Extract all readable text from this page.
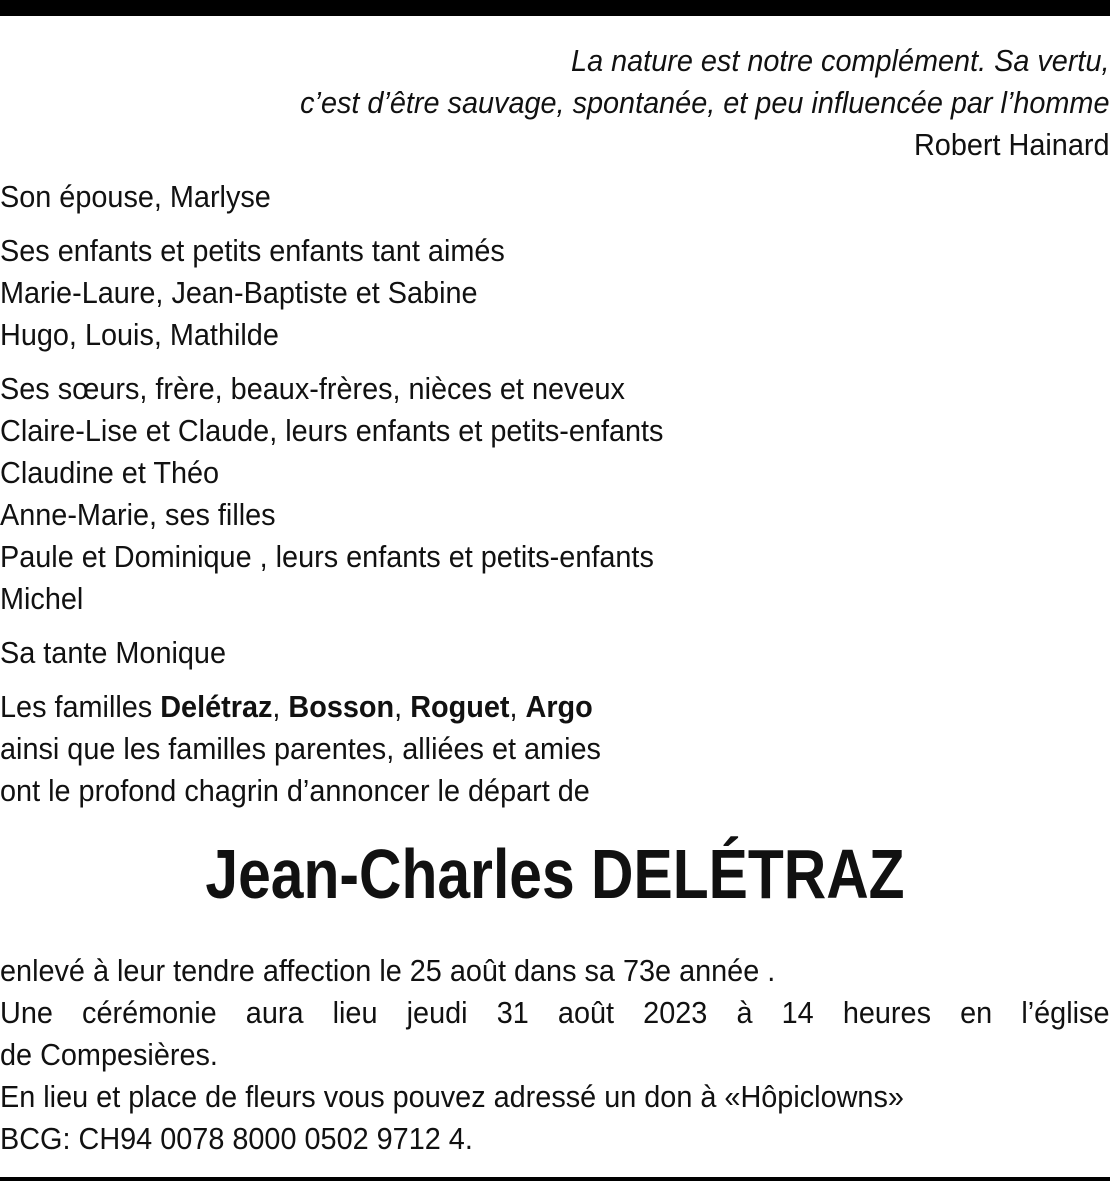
La nature est notre complément. Sa vertu,
c’est d’être sauvage, spontanée, et peu influencée par l’homme
Robert Hainard
Son épouse, Marlyse
Ses enfants et petits enfants tant aimés
Marie-Laure, Jean-Baptiste et Sabine
Hugo, Louis, Mathilde
Ses sœurs, frère, beaux-frères, nièces et neveux
Claire-Lise et Claude, leurs enfants et petits-enfants
Claudine et Théo
Anne-Marie, ses filles
Paule et Dominique , leurs enfants et petits-enfants
Michel
Sa tante Monique
Les familles Delétraz, Bosson, Roguet, Argo
ainsi que les familles parentes, alliées et amies
ont le profond chagrin d’annoncer le départ de
Jean-Charles DELÉTRAZ
enlevé à leur tendre affection le 25 août dans sa 73e année .
Une cérémonie aura lieu jeudi 31 août 2023 à 14 heures en l’église
de Compesières.
En lieu et place de fleurs vous pouvez adressé un don à «Hôpiclowns»
BCG: CH94 0078 8000 0502 9712 4.
